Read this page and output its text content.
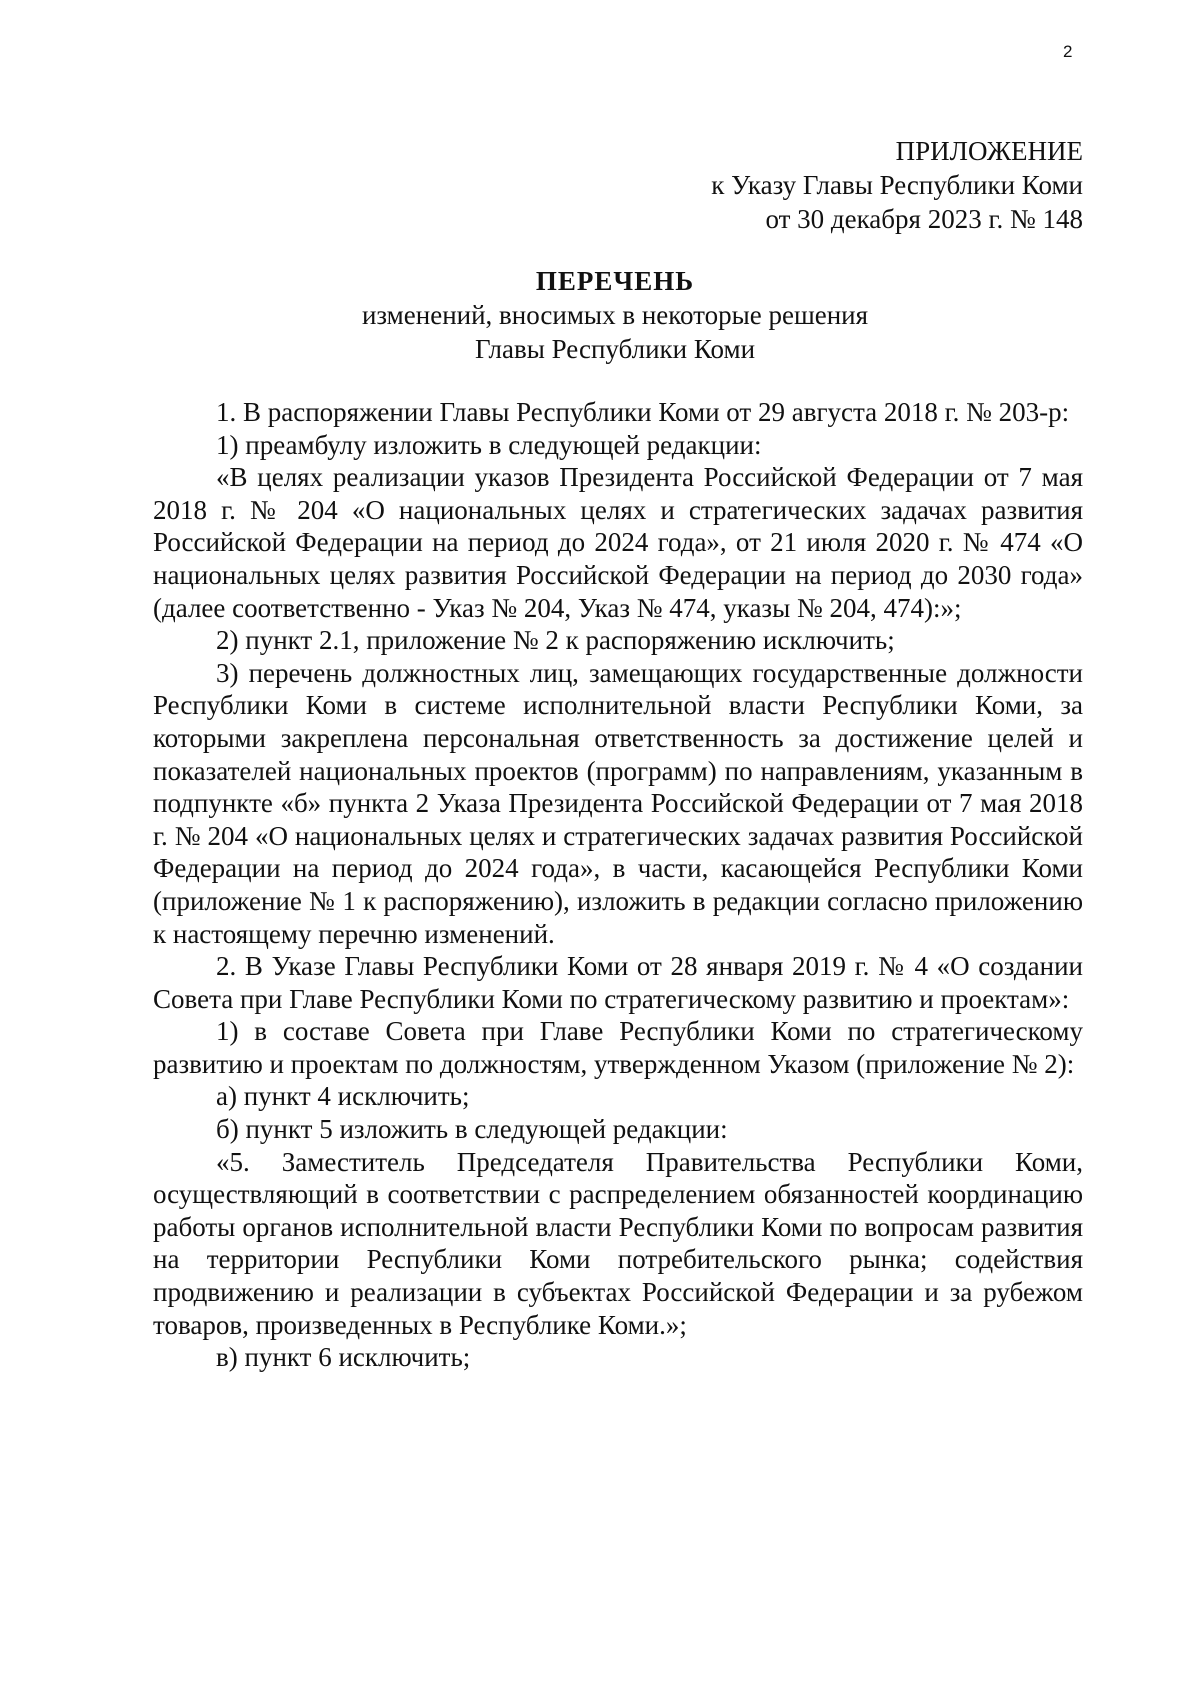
2
ПРИЛОЖЕНИЕ
к Указу Главы Республики Коми
от 30 декабря 2023 г. № 148
ПЕРЕЧЕНЬ
изменений, вносимых в некоторые решения
Главы Республики Коми

1. В распоряжении Главы Республики Коми от 29 августа 2018 г. № 203-р:

1) преамбулу изложить в следующей редакции:

«В целях реализации указов Президента Российской Федерации от 7 мая 2018 г. № 204 «О национальных целях и стратегических задачах развития Российской Федерации на период до 2024 года», от 21 июля 2020 г. № 474 «О национальных целях развития Российской Федерации на период до 2030 года» (далее соответственно - Указ № 204, Указ № 474, указы № 204, 474):»;

2) пункт 2.1, приложение № 2 к распоряжению исключить;

3) перечень должностных лиц, замещающих государственные должности Республики Коми в системе исполнительной власти Республики Коми, за которыми закреплена персональная ответственность за достижение целей и показателей национальных проектов (программ) по направлениям, указанным в подпункте «б» пункта 2 Указа Президента Российской Федерации от 7 мая 2018 г. № 204 «О национальных целях и стратегических задачах развития Российской Федерации на период до 2024 года», в части, касающейся Республики Коми (приложение № 1 к распоряжению), изложить в редакции согласно приложению к настоящему перечню изменений.

2. В Указе Главы Республики Коми от 28 января 2019 г. № 4 «О создании Совета при Главе Республики Коми по стратегическому развитию и проектам»:

1) в составе Совета при Главе Республики Коми по стратегическому развитию и проектам по должностям, утвержденном Указом (приложение № 2):

а) пункт 4 исключить;

б) пункт 5 изложить в следующей редакции:

«5. Заместитель Председателя Правительства Республики Коми, осуществляющий в соответствии с распределением обязанностей координацию работы органов исполнительной власти Республики Коми по вопросам развития на территории Республики Коми потребительского рынка; содействия продвижению и реализации в субъектах Российской Федерации и за рубежом товаров, произведенных в Республике Коми.»;

в) пункт 6 исключить;
